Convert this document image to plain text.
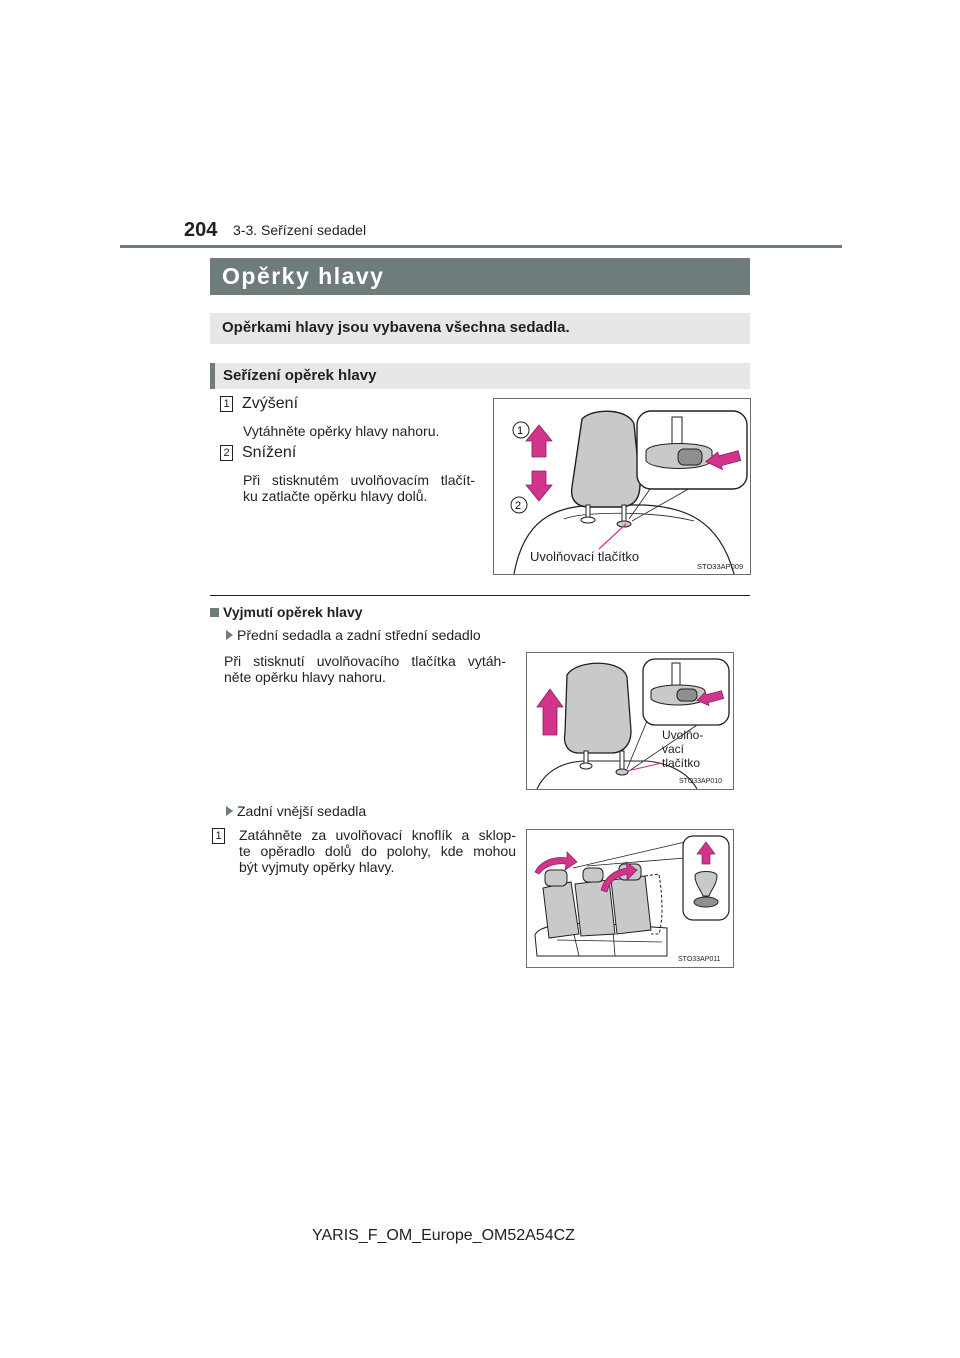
204 3-3. Seřízení sedadel
Opěrky hlavy
Opěrkami hlavy jsou vybavena všechna sedadla.
Seřízení opěrek hlavy
1 Zvýšení
Vytáhněte opěrky hlavy nahoru.
2 Snížení
Při stisknutém uvolňovacím tlačít-
ku zatlačte opěrku hlavy dolů.
1
2
Uvolňovací tlačítko
STO33AP009
Vyjmutí opěrek hlavy
Přední sedadla a zadní střední sedadlo
Při stisknutí uvolňovacího tlačítka vytáh-
něte opěrku hlavy nahoru.
Uvolňo- vací tlačítko
STO33AP010
Zadní vnější sedadla
1 Zatáhněte za uvolňovací knoflík a sklop-
te opěradlo dolů do polohy, kde mohou
být vyjmuty opěrky hlavy.
STO33AP011
YARIS_F_OM_Europe_OM52A54CZ
